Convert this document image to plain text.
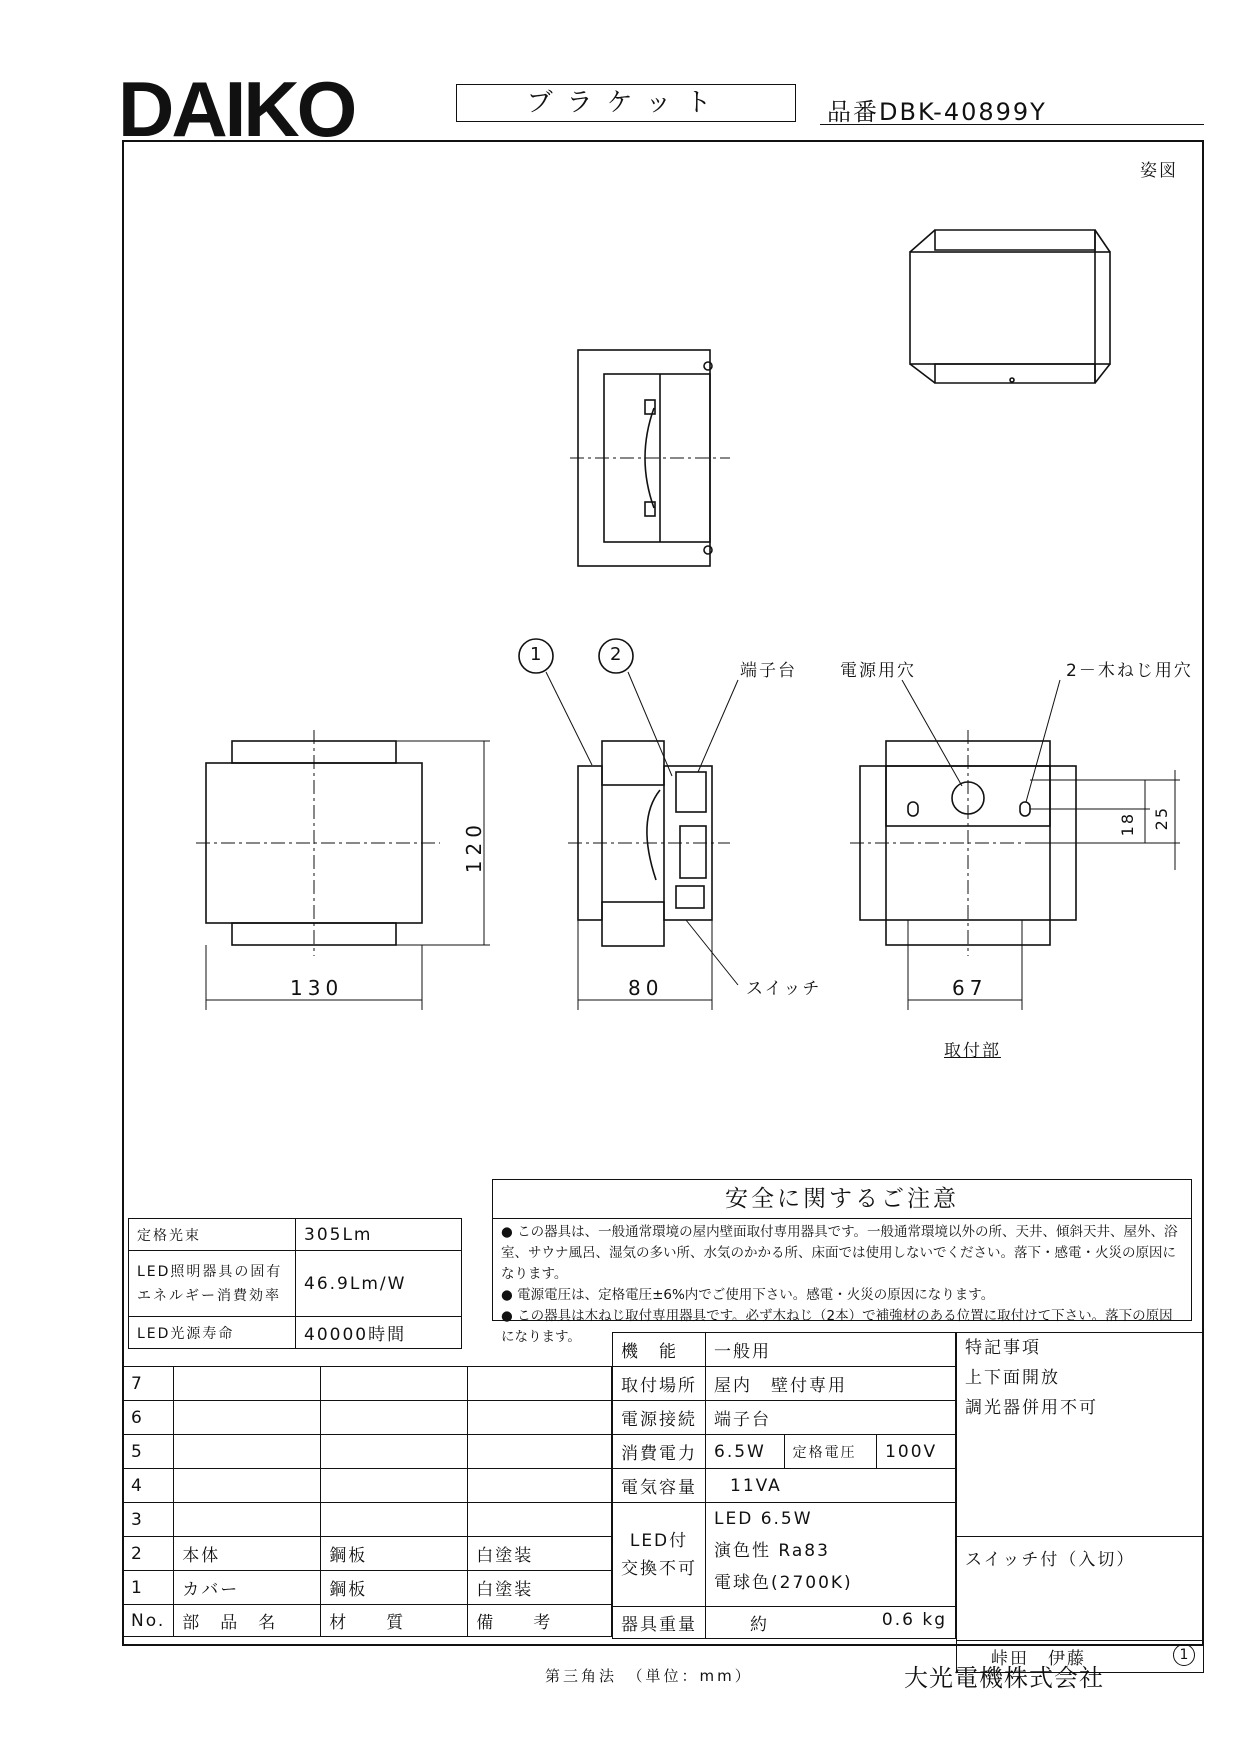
DAIKO	ブラケット	品番DBK-40899Y
姿図
1	2
端子台	電源用穴	2－木ねじ用穴
スイッチ
130
120
80	67
18 25
取付部
定格光束	305Lm
LED照明器具の固有エネルギー消費効率	46.9Lm/W
LED光源寿命	40000時間
安全に関するご注意

● この器具は、一般通常環境の屋内壁面取付専用器具です。一般通常環境以外の所、天井、傾斜天井、屋外、浴室、サウナ風呂、湿気の多い所、水気のかかる所、床面では使用しないでください。落下・感電・火災の原因になります。

● 電源電圧は、定格電圧±6%内でご使用下さい。感電・火災の原因になります。

● この器具は木ねじ取付専用器具です。必ず木ねじ（2本）で補強材のある位置に取付けて下さい。落下の原因になります。

7			
6			
5			
4			
3			
2	本体	鋼板	白塗装
1	カバー	鋼板	白塗装
No.	部　品　名	材　　質	備　　考
機　能	一般用		
取付場所	屋内　壁付専用		
電源接続	端子台		
消費電力	6.5W	定格電圧	100V
電気容量	11VA		
LED付交換不可	LED 6.5W
演色性 Ra83
電球色(2700K)		

器具重量	約 0.6 kg		
特記事項
上下面開放
調光器併用不可

スイッチ付（入切）
峠田　伊藤	1
第三角法　（単位：mm）	大光電機株式会社
